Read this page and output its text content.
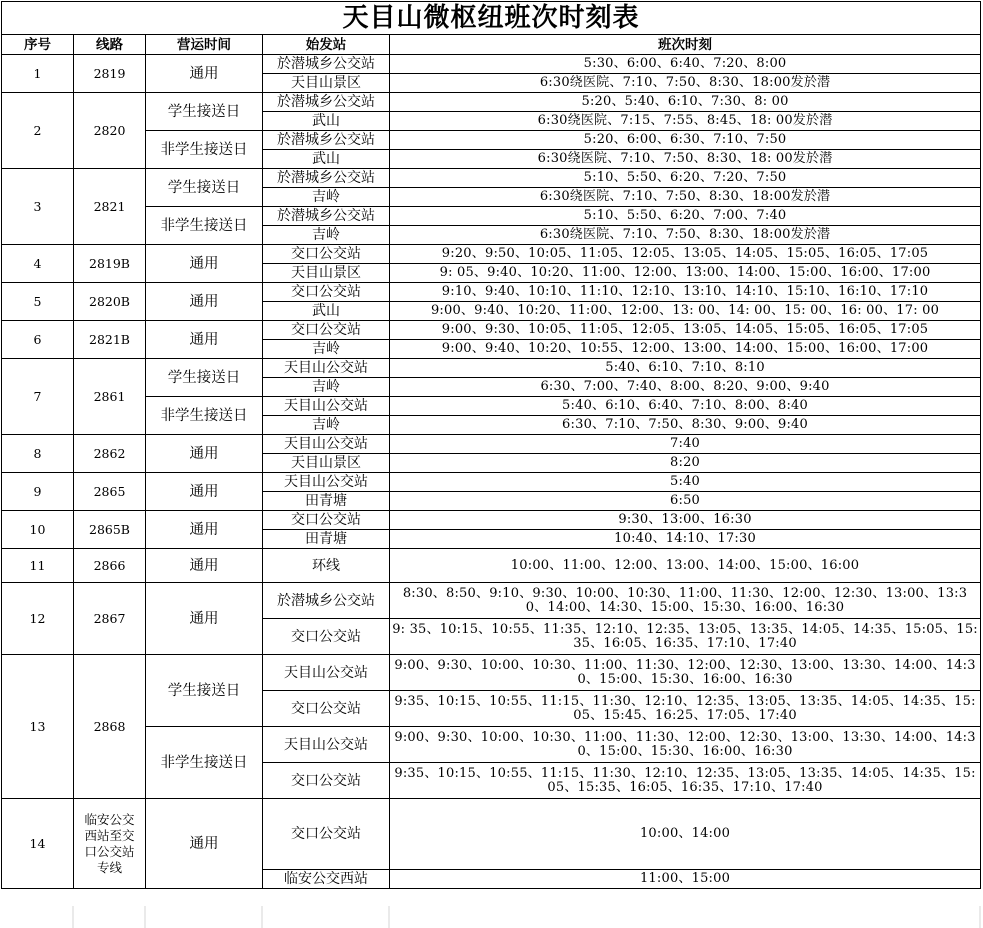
天目山微枢纽班次时刻表				
序号	线路	营运时间	始发站	班次时刻
1	2819	通用	於潜城乡公交站	5:30、6:00、6:40、7:20、8:00
			天目山景区	6:30绕医院、7:10、7:50、8:30、18:00发於潜
2	2820	学生接送日	於潜城乡公交站	5:20、5:40、6:10、7:30、8: 00
			武山	6:30绕医院、7:15、7:55、8:45、18: 00发於潜
		非学生接送日	於潜城乡公交站	5:20、6:00、6:30、7:10、7:50
			武山	6:30绕医院、7:10、7:50、8:30、18: 00发於潜
3	2821	学生接送日	於潜城乡公交站	5:10、5:50、6:20、7:20、7:50
			吉岭	6:30绕医院、7:10、7:50、8:30、18:00发於潜
		非学生接送日	於潜城乡公交站	5:10、5:50、6:20、7:00、7:40
			吉岭	6:30绕医院、7:10、7:50、8:30、18:00发於潜
4	2819B	通用	交口公交站	9:20、9:50、10:05、11:05、12:05、13:05、14:05、15:05、16:05、17:05
			天目山景区	9: 05、9:40、10:20、11:00、12:00、13:00、14:00、15:00、16:00、17:00
5	2820B	通用	交口公交站	9:10、9:40、10:10、11:10、12:10、13:10、14:10、15:10、16:10、17:10
			武山	9:00、9:40、10:20、11:00、12:00、13: 00、14: 00、15: 00、16: 00、17: 00
6	2821B	通用	交口公交站	9:00、9:30、10:05、11:05、12:05、13:05、14:05、15:05、16:05、17:05
			吉岭	9:00、9:40、10:20、10:55、12:00、13:00、14:00、15:00、16:00、17:00
7	2861	学生接送日	天目山公交站	5:40、6:10、7:10、8:10
			吉岭	6:30、7:00、7:40、8:00、8:20、9:00、9:40
		非学生接送日	天目山公交站	5:40、6:10、6:40、7:10、8:00、8:40
			吉岭	6:30、7:10、7:50、8:30、9:00、9:40
8	2862	通用	天目山公交站	7:40
			天目山景区	8:20
9	2865	通用	天目山公交站	5:40
			田青塘	6:50
10	2865B	通用	交口公交站	9:30、13:00、16:30
			田青塘	10:40、14:10、17:30
11	2866	通用	环线	10:00、11:00、12:00、13:00、14:00、15:00、16:00
12	2867	通用	於潜城乡公交站	8:30、8:50、9:10、9:30、10:00、10:30、11:00、11:30、12:00、12:30、13:00、13:30、14:00、14:30、15:00、15:30、16:00、16:30
			交口公交站	9: 35、10:15、10:55、11:35、12:10、12:35、13:05、13:35、14:05、14:35、15:05、15:35、16:05、16:35、17:10、17:40
13	2868	学生接送日	天目山公交站	9:00、9:30、10:00、10:30、11:00、11:30、12:00、12:30、13:00、13:30、14:00、14:30、15:00、15:30、16:00、16:30
			交口公交站	9:35、10:15、10:55、11:15、11:30、12:10、12:35、13:05、13:35、14:05、14:35、15:05、15:45、16:25、17:05、17:40
		非学生接送日	天目山公交站	9:00、9:30、10:00、10:30、11:00、11:30、12:00、12:30、13:00、13:30、14:00、14:30、15:00、15:30、16:00、16:30
			交口公交站	9:35、10:15、10:55、11:15、11:30、12:10、12:35、13:05、13:35、14:05、14:35、15:05、15:35、16:05、16:35、17:10、17:40
14	临安公交西站至交口公交站专线	通用	交口公交站	10:00、14:00
			临安公交西站	11:00、15:00
